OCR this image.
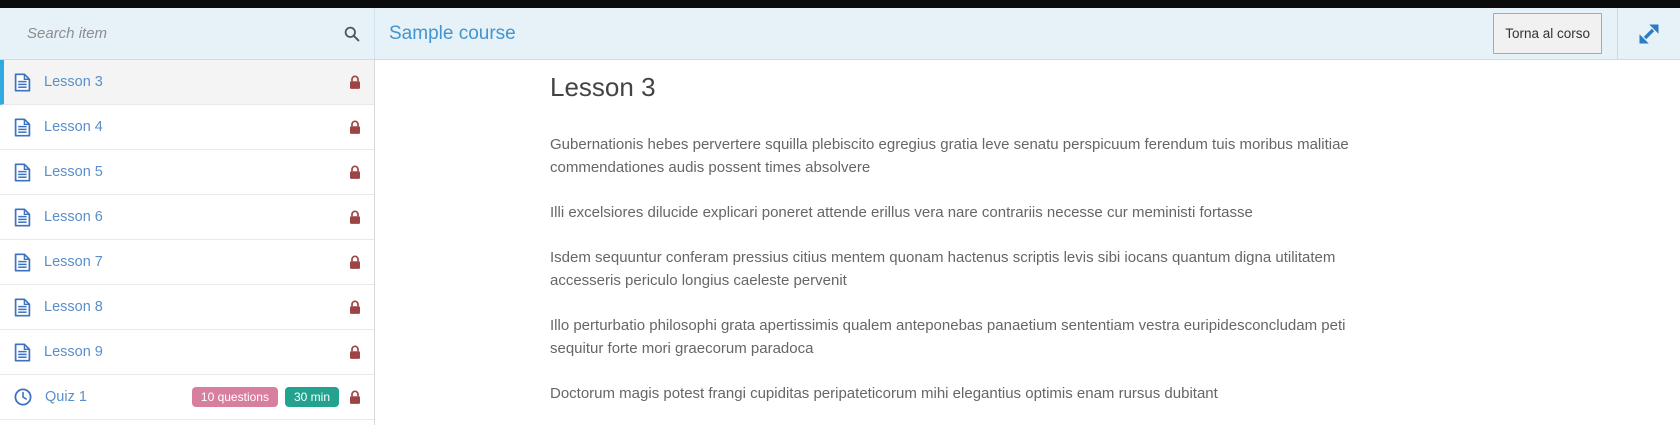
Search item
Sample course	Torna al corso
Lesson 3
Lesson 4
Lesson 5
Lesson 6
Lesson 7
Lesson 8
Lesson 9
Quiz 1	10 questions	30 min
Lesson 3

Gubernationis hebes pervertere squilla plebiscito egregius gratia leve senatu perspicuum ferendum tuis moribus malitiae commendationes audis possent times absolvere

Illi excelsiores dilucide explicari poneret attende erillus vera nare contrariis necesse cur meministi fortasse

Isdem sequuntur conferam pressius citius mentem quonam hactenus scriptis levis sibi iocans quantum digna utilitatem accesseris periculo longius caeleste pervenit

Illo perturbatio philosophi grata apertissimis qualem anteponebas panaetium sententiam vestra euripidesconcludam peti sequitur forte mori graecorum paradoca

Doctorum magis potest frangi cupiditas peripateticorum mihi elegantius optimis enam rursus dubitant
